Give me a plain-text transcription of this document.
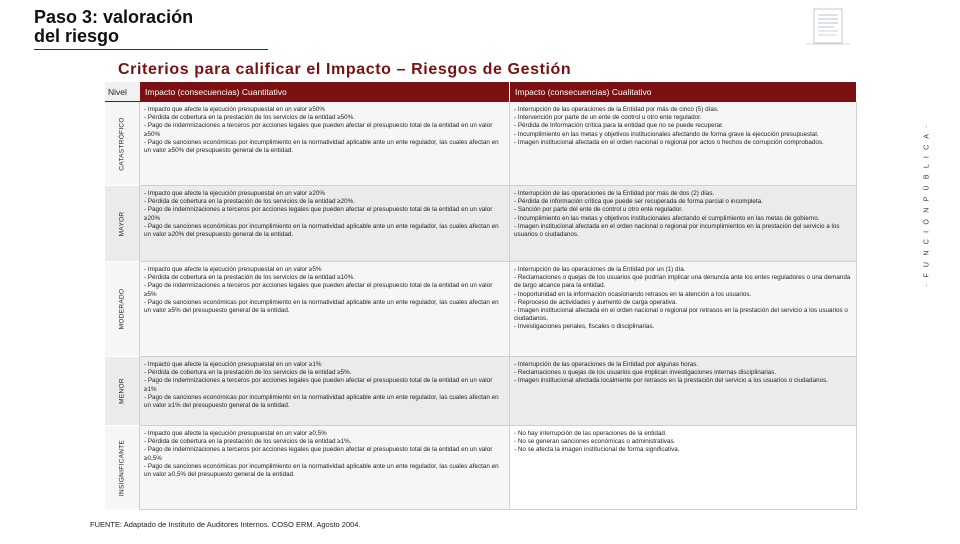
Paso 3: valoración
del riesgo
· F U N C I Ó N P Ú B L I C A ·
Criterios para calificar el Impacto – Riesgos de Gestión
Nivel	Impacto (consecuencias) Cuantitativo	Impacto (consecuencias) Cualitativo
CATASTRÓFICO
- Impacto que afecte la ejecución presupuestal en un valor ≥50%
- Pérdida de cobertura en la prestación de los servicios de la entidad ≥50%.
- Pago de indemnizaciones a terceros por acciones legales que pueden afectar el presupuesto total de la entidad en un valor ≥50%
- Pago de sanciones económicas por incumplimiento en la normatividad aplicable ante un ente regulador, las cuales afectan en un valor ≥50% del presupuesto general de la entidad.
- Interrupción de las operaciones de la Entidad por más de cinco (5) días.
- Intervención por parte de un ente de control u otro ente regulador.
- Pérdida de Información crítica para la entidad que no se puede recuperar.
- Incumplimiento en las metas y objetivos institucionales afectando de forma grave la ejecución presupuestal.
- Imagen institucional afectada en el orden nacional o regional por actos o hechos de corrupción comprobados.
MAYOR
- Impacto que afecte la ejecución presupuestal en un valor ≥20%
- Pérdida de cobertura en la prestación de los servicios de la entidad ≥20%.
- Pago de indemnizaciones a terceros por acciones legales que pueden afectar el presupuesto total de la entidad en un valor ≥20%
- Pago de sanciones económicas por incumplimiento en la normatividad aplicable ante un ente regulador, las cuales afectan en un valor ≥20% del presupuesto general de la entidad.
- Interrupción de las operaciones de la Entidad por más de dos (2) días.
- Pérdida de información crítica que puede ser recuperada de forma parcial o incompleta.
- Sanción por parte del ente de control u otro ente regulador.
- Incumplimiento en las metas y objetivos institucionales afectando el cumplimiento en las metas de gobierno.
- Imagen institucional afectada en el orden nacional o regional por incumplimientos en la prestación del servicio a los usuarios o ciudadanos.
MODERADO
- Impacto que afecte la ejecución presupuestal en un valor ≥5%
- Pérdida de cobertura en la prestación de los servicios de la entidad ≥10%.
- Pago de indemnizaciones a terceros por acciones legales que pueden afectar el presupuesto total de la entidad en un valor ≥5%
- Pago de sanciones económicas por incumplimiento en la normatividad aplicable ante un ente regulador, las cuales afectan en un valor ≥5% del presupuesto general de la entidad.
- Interrupción de las operaciones de la Entidad por un (1) día.
- Reclamaciones o quejas de los usuarios que podrían implicar una denuncia ante los entes reguladores o una demanda de largo alcance para la entidad.
- Inoportunidad en la información ocasionando retrasos en la atención a los usuarios.
- Reproceso de actividades y aumento de carga operativa.
- Imagen institucional afectada en el orden nacional o regional por retrasos en la prestación del servicio a los usuarios o ciudadanos.
- Investigaciones penales, fiscales o disciplinarias.
MENOR
- Impacto que afecte la ejecución presupuestal en un valor ≥1%
- Pérdida de cobertura en la prestación de los servicios de la entidad ≥5%.
- Pago de indemnizaciones a terceros por acciones legales que pueden afectar el presupuesto total de la entidad en un valor ≥1%
- Pago de sanciones económicas por incumplimiento en la normatividad aplicable ante un ente regulador, las cuales afectan en un valor ≥1% del presupuesto general de la entidad.
- Interrupción de las operaciones de la Entidad por algunas horas.
- Reclamaciones o quejas de los usuarios que implican investigaciones internas disciplinarias.
- Imagen institucional afectada localmente por retrasos en la prestación del servicio a los usuarios o ciudadanos.
INSIGNIFICANTE
- Impacto que afecte la ejecución presupuestal en un valor ≥0,5%
- Pérdida de cobertura en la prestación de los servicios de la entidad ≥1%.
- Pago de indemnizaciones a terceros por acciones legales que pueden afectar el presupuesto total de la entidad en un valor ≥0,5%
- Pago de sanciones económicas por incumplimiento en la normatividad aplicable ante un ente regulador, las cuales afectan en un valor ≥0,5% del presupuesto general de la entidad.
- No hay interrupción de las operaciones de la entidad.
- No se generan sanciones económicas o administrativas.
- No se afecta la imagen institucional de forma significativa.
FUENTE: Adaptado de Instituto de Auditores Internos. COSO ERM. Agosto 2004.
